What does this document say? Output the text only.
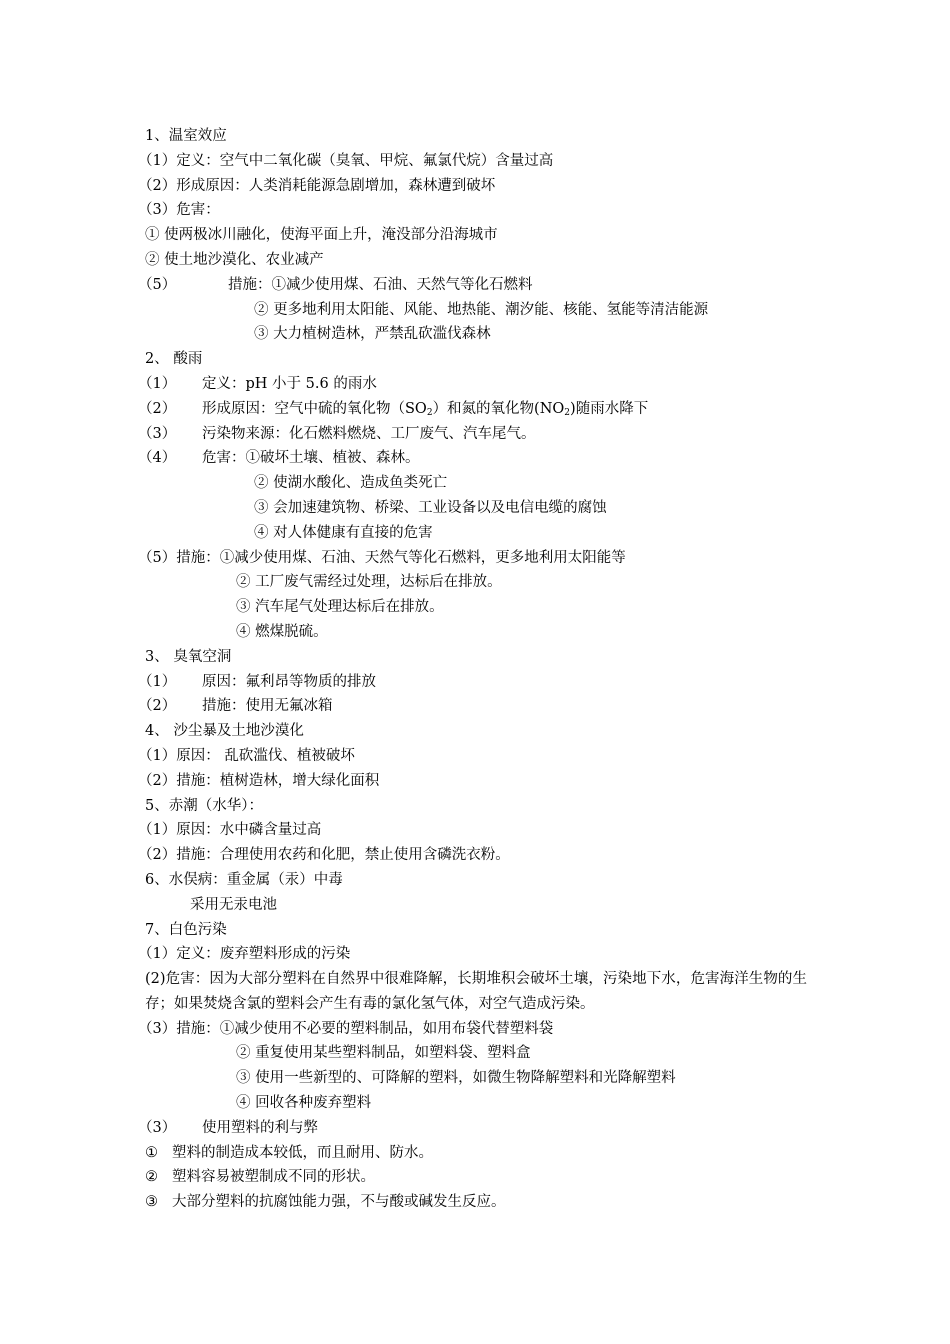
1、温室效应
（1）定义：空气中二氧化碳（臭氧、甲烷、氟氯代烷）含量过高
（2）形成原因：人类消耗能源急剧增加，森林遭到破坏
（3）危害：
① 使两极冰川融化，使海平面上升，淹没部分沿海城市
② 使土地沙漠化、农业减产
（5）	措施：①减少使用煤、石油、天然气等化石燃料
② 更多地利用太阳能、风能、地热能、潮汐能、核能、氢能等清洁能源
③ 大力植树造林，严禁乱砍滥伐森林
2、 酸雨
（1） 定义：pH 小于 5.6 的雨水
（2） 形成原因：空气中硫的氧化物$(SO_2)$和氮的氧化物$(NO_2)$随雨水降下
（3） 污染物来源：化石燃料燃烧、工厂废气、汽车尾气。
（4） 危害：①破坏土壤、植被、森林。
② 使湖水酸化、造成鱼类死亡
③ 会加速建筑物、桥梁、工业设备以及电信电缆的腐蚀
④ 对人体健康有直接的危害
（5）措施：①减少使用煤、石油、天然气等化石燃料，更多地利用太阳能等
② 工厂废气需经过处理，达标后在排放。
③ 汽车尾气处理达标后在排放。
④ 燃煤脱硫。
3、 臭氧空洞
（1） 原因：氟利昂等物质的排放
（2） 措施：使用无氟冰箱
4、 沙尘暴及土地沙漠化
（1）原因： 乱砍滥伐、植被破坏
（2）措施：植树造林，增大绿化面积
5、赤潮（水华）：
（1）原因：水中磷含量过高
（2）措施：合理使用农药和化肥，禁止使用含磷洗衣粉。
6、水俣病：重金属（汞）中毒
采用无汞电池
7、白色污染
（1）定义：废弃塑料形成的污染
(2)危害：因为大部分塑料在自然界中很难降解，长期堆积会破坏土壤，污染地下水，危害海洋生物的生存；如果焚烧含氯的塑料会产生有毒的氯化氢气体，对空气造成污染。
（3）措施：①减少使用不必要的塑料制品，如用布袋代替塑料袋
② 重复使用某些塑料制品，如塑料袋、塑料盒
③ 使用一些新型的、可降解的塑料，如微生物降解塑料和光降解塑料
④ 回收各种废弃塑料
（3） 使用塑料的利与弊
① 塑料的制造成本较低，而且耐用、防水。
② 塑料容易被塑制成不同的形状。
③ 大部分塑料的抗腐蚀能力强，不与酸或碱发生反应。
